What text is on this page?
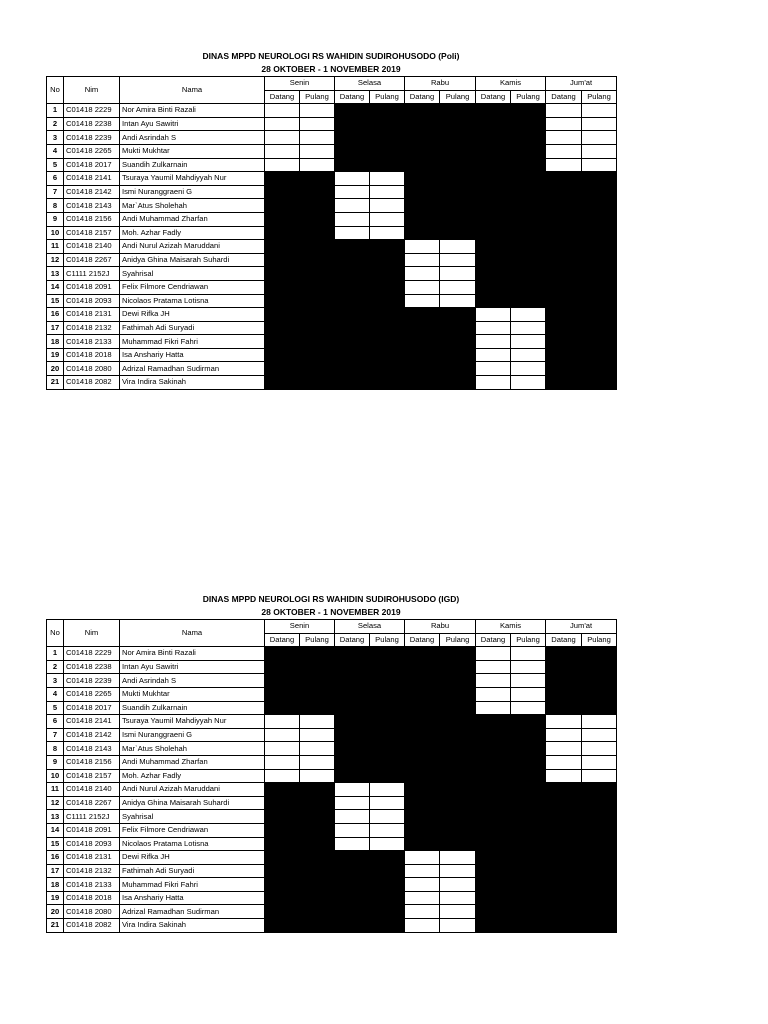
DINAS MPPD NEUROLOGI RS WAHIDIN SUDIROHUSODO (Poli)
28 OKTOBER - 1 NOVEMBER 2019
No	Nim	Nama	Senin		Selasa		Rabu		Kamis		Jum'at	
			Datang	Pulang	Datang	Pulang	Datang	Pulang	Datang	Pulang	Datang	Pulang
1	C01418 2229	Nor Amira Binti Razali										
2	C01418 2238	Intan Ayu Sawitri										
3	C01418 2239	Andi Asrindah S										
4	C01418 2265	Mukti Mukhtar										
5	C01418 2017	Suandih Zulkarnain										
6	C01418 2141	Tsuraya Yaumil Mahdiyyah Nur										
7	C01418 2142	Ismi Nuranggraeni G										
8	C01418 2143	Mar`Atus Sholehah										
9	C01418 2156	Andi Muhammad Zharfan										
10	C01418 2157	Moh. Azhar Fadly										
11	C01418 2140	Andi Nurul Azizah Maruddani										
12	C01418 2267	Anidya Ghina Maisarah Suhardi										
13	C1111 2152J	Syahrisal										
14	C01418 2091	Felix Filmore Cendriawan										
15	C01418 2093	Nicolaos Pratama Lotisna										
16	C01418 2131	Dewi Rifka JH										
17	C01418 2132	Fathimah Adi Suryadi										
18	C01418 2133	Muhammad Fikri Fahri										
19	C01418 2018	Isa Anshariy Hatta										
20	C01418 2080	Adrizal Ramadhan Sudirman										
21	C01418 2082	Vira Indira Sakinah										
DINAS MPPD NEUROLOGI RS WAHIDIN SUDIROHUSODO (IGD)
28 OKTOBER - 1 NOVEMBER 2019
No	Nim	Nama	Senin		Selasa		Rabu		Kamis		Jum'at	
			Datang	Pulang	Datang	Pulang	Datang	Pulang	Datang	Pulang	Datang	Pulang
1	C01418 2229	Nor Amira Binti Razali										
2	C01418 2238	Intan Ayu Sawitri										
3	C01418 2239	Andi Asrindah S										
4	C01418 2265	Mukti Mukhtar										
5	C01418 2017	Suandih Zulkarnain										
6	C01418 2141	Tsuraya Yaumil Mahdiyyah Nur										
7	C01418 2142	Ismi Nuranggraeni G										
8	C01418 2143	Mar`Atus Sholehah										
9	C01418 2156	Andi Muhammad Zharfan										
10	C01418 2157	Moh. Azhar Fadly										
11	C01418 2140	Andi Nurul Azizah Maruddani										
12	C01418 2267	Anidya Ghina Maisarah Suhardi										
13	C1111 2152J	Syahrisal										
14	C01418 2091	Felix Filmore Cendriawan										
15	C01418 2093	Nicolaos Pratama Lotisna										
16	C01418 2131	Dewi Rifka JH										
17	C01418 2132	Fathimah Adi Suryadi										
18	C01418 2133	Muhammad Fikri Fahri										
19	C01418 2018	Isa Anshariy Hatta										
20	C01418 2080	Adrizal Ramadhan Sudirman										
21	C01418 2082	Vira Indira Sakinah										
